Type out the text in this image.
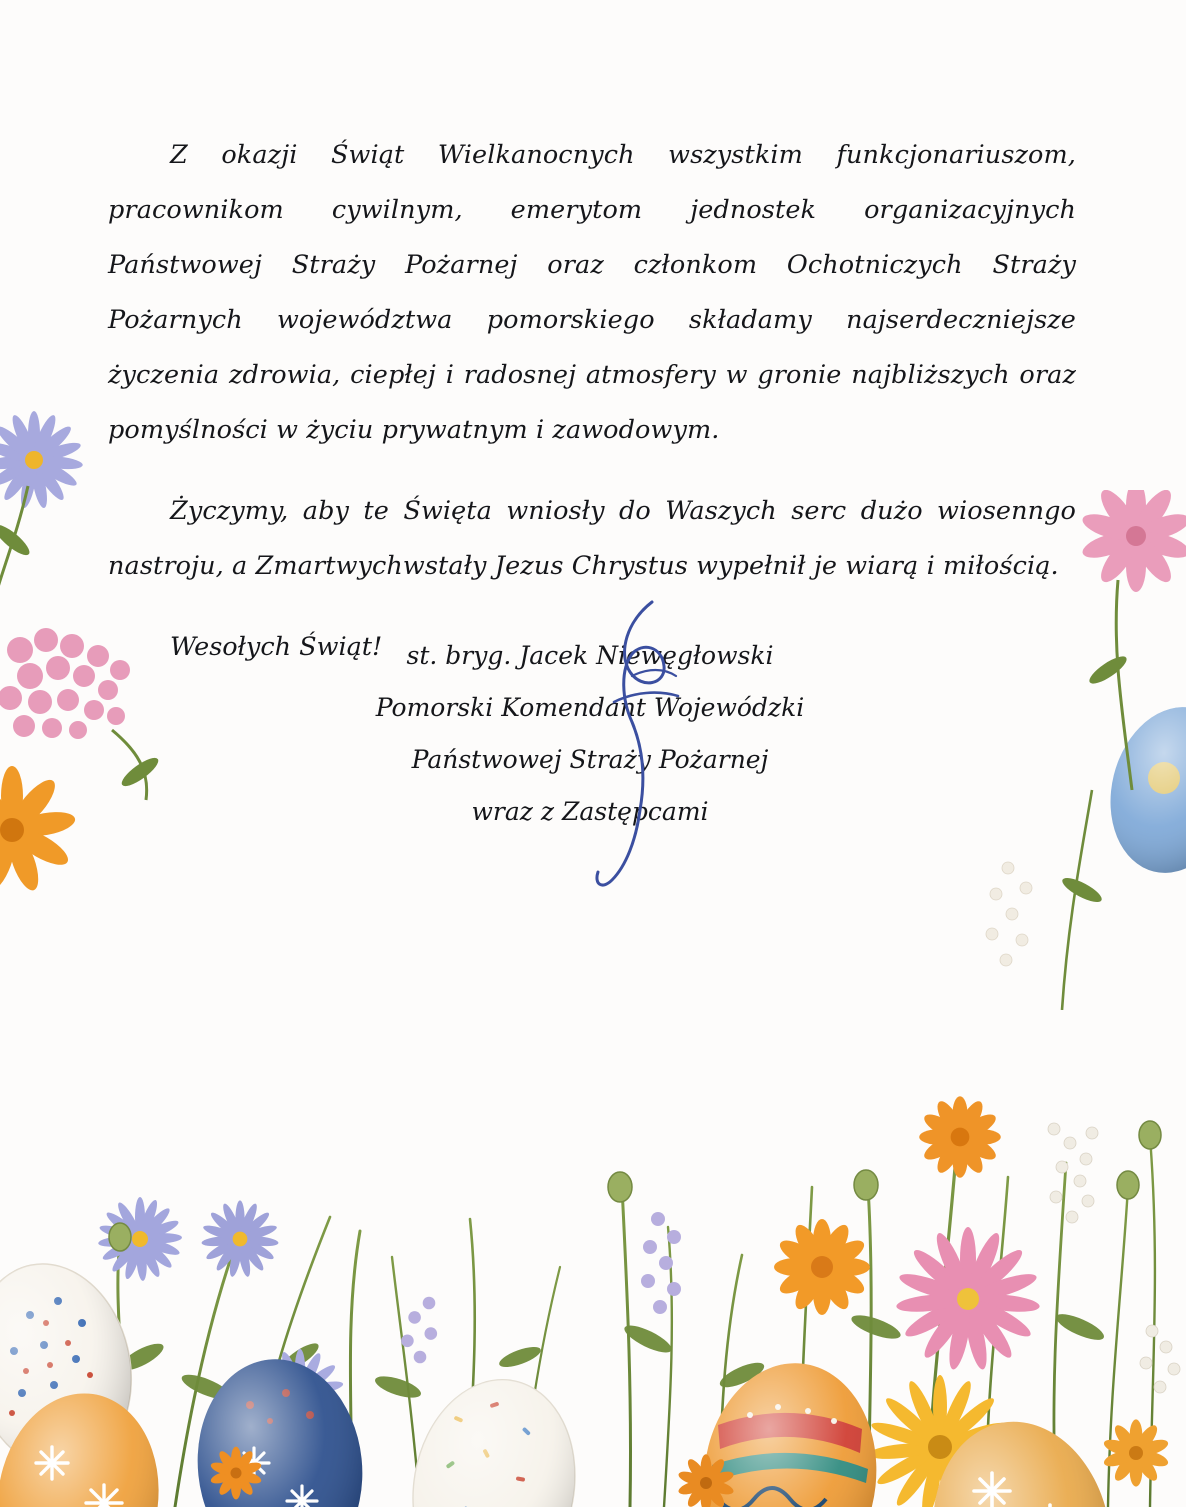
Z okazji Świąt Wielkanocnych wszystkim funkcjonariuszom, pracownikom cywilnym, emerytom jednostek organizacyjnych Państwowej Straży Pożarnej oraz członkom Ochotniczych Straży Pożarnych województwa pomorskiego składamy najserdeczniejsze życzenia zdrowia, ciepłej i radosnej atmosfery w gronie najbliższych oraz pomyślności w życiu prywatnym i zawodowym.

Życzymy, aby te Święta wniosły do Waszych serc dużo wiosenngo nastroju, a Zmartwychwstały Jezus Chrystus wypełnił je wiarą i miłością.

Wesołych Świąt! st. bryg. Jacek Niewęgłowski
Pomorski Komendant Wojewódzki
Państwowej Straży Pożarnej
wraz z Zastępcami
